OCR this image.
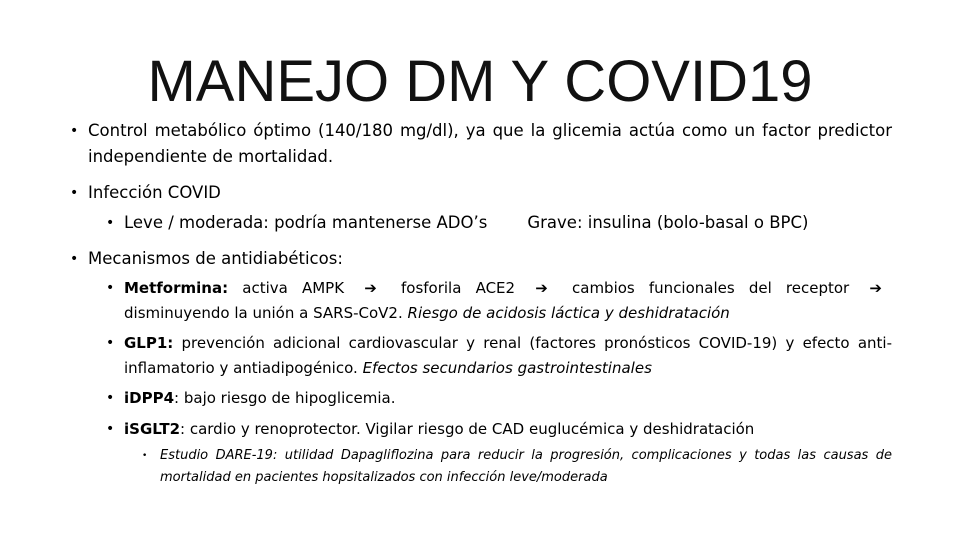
MANEJO DM Y COVID19
• Control metabólico óptimo (140/180 mg/dl), ya que la glicemia actúa como un factor predictor independiente de mortalidad.
• Infección COVID
• Leve / moderada: podría mantenerse ADO’s Grave: insulina (bolo-basal o BPC)
• Mecanismos de antidiabéticos:
• Metformina: activa AMPK ➔ fosforila ACE2 ➔ cambios funcionales del receptor ➔ disminuyendo la unión a SARS-CoV2. Riesgo de acidosis láctica y deshidratación
• GLP1: prevención adicional cardiovascular y renal (factores pronósticos COVID-19) y efecto anti-inflamatorio y antiadipogénico. Efectos secundarios gastrointestinales
• iDPP4: bajo riesgo de hipoglicemia.
• iSGLT2: cardio y renoprotector. Vigilar riesgo de CAD euglucémica y deshidratación
• Estudio DARE-19: utilidad Dapagliflozina para reducir la progresión, complicaciones y todas las causas de mortalidad en pacientes hopsitalizados con infección leve/moderada
